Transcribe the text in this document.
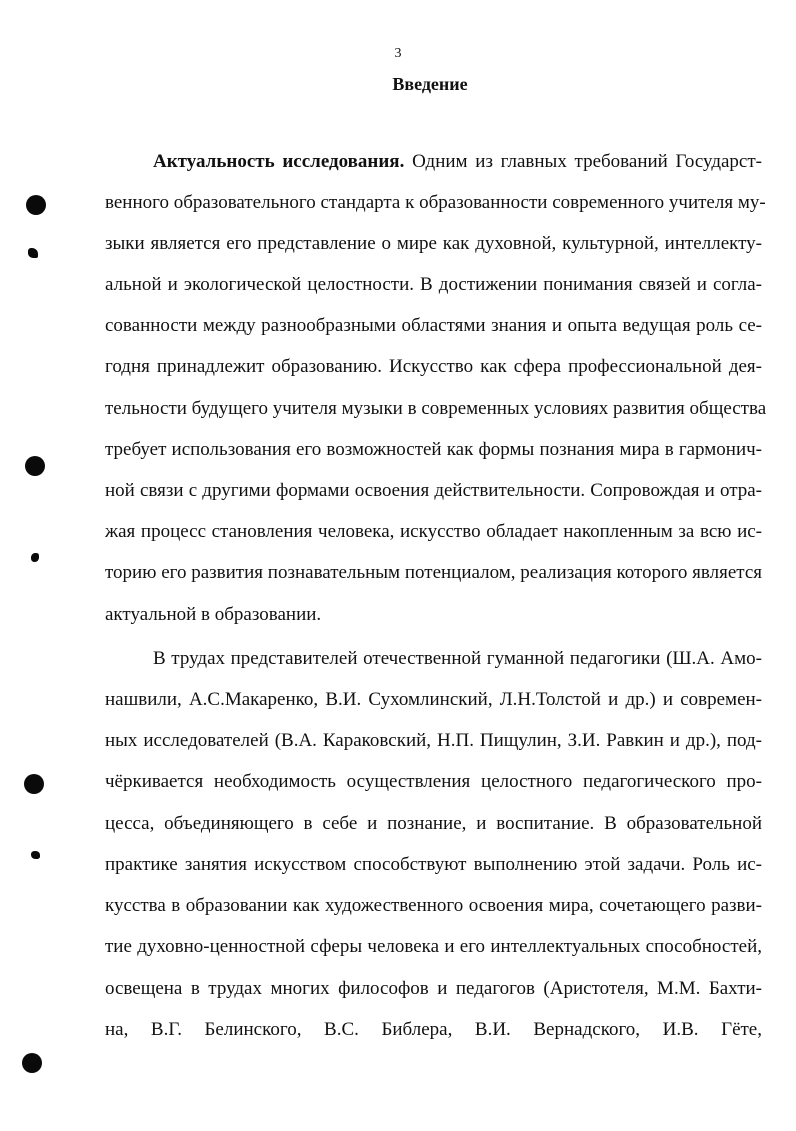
3
Введение
Актуальность исследования. Одним из главных требований Государст-
венного образовательного стандарта к образованности современного учителя му-
зыки является его представление о мире как духовной, культурной, интеллекту-
альной и экологической целостности. В достижении понимания связей и согла-
сованности между разнообразными областями знания и опыта ведущая роль се-
годня принадлежит образованию. Искусство как сфера профессиональной дея-
тельности будущего учителя музыки в современных условиях развития общества
требует использования его возможностей как формы познания мира в гармонич-
ной связи с другими формами освоения действительности. Сопровождая и отра-
жая процесс становления человека, искусство обладает накопленным за всю ис-
торию его развития познавательным потенциалом, реализация которого является
актуальной в образовании.
В трудах представителей отечественной гуманной педагогики (Ш.А. Амо-
нашвили, А.С.Макаренко, В.И. Сухомлинский, Л.Н.Толстой и др.) и современ-
ных исследователей (В.А. Караковский, Н.П. Пищулин, З.И. Равкин и др.), под-
чёркивается необходимость осуществления целостного педагогического про-
цесса, объединяющего в себе и познание, и воспитание. В образовательной
практике занятия искусством способствуют выполнению этой задачи. Роль ис-
кусства в образовании как художественного освоения мира, сочетающего разви-
тие духовно-ценностной сферы человека и его интеллектуальных способностей,
освещена в трудах многих философов и педагогов (Аристотеля, М.М. Бахти-
на, В.Г. Белинского, В.С. Библера, В.И. Вернадского, И.В. Гёте,
